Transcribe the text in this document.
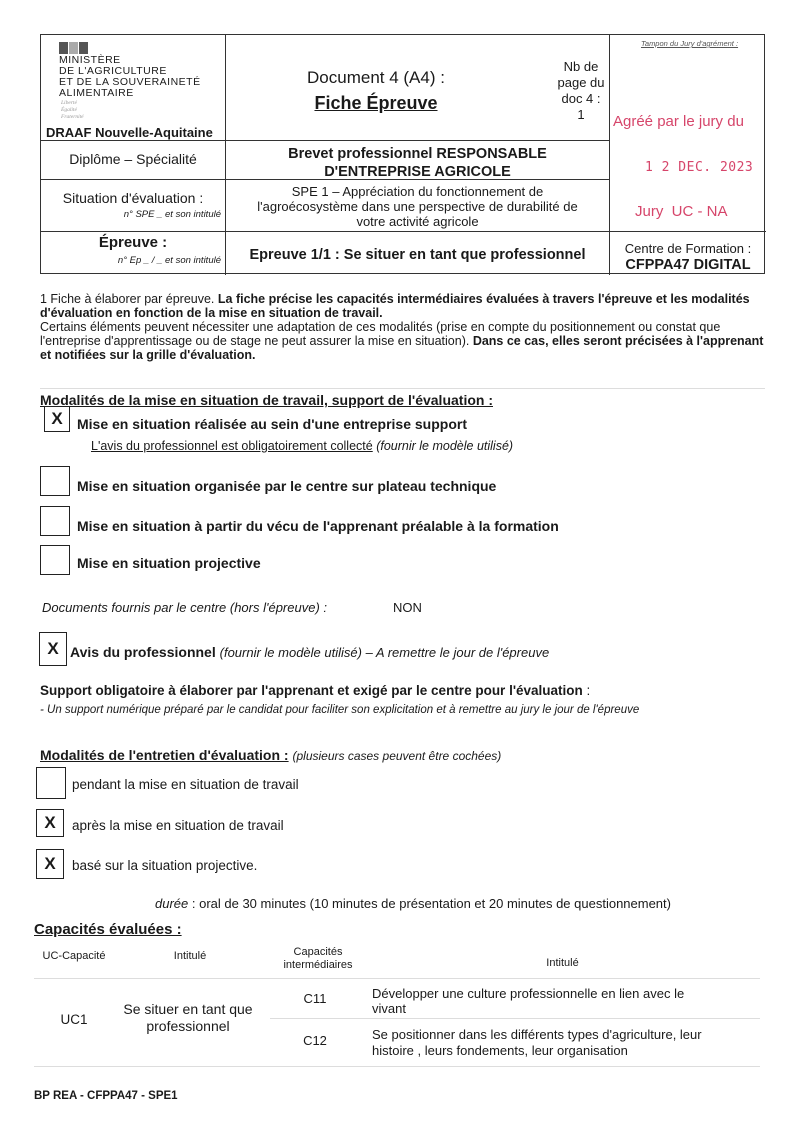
MINISTÈRE
DE L'AGRICULTURE
ET DE LA SOUVERAINETÉ
ALIMENTAIRE
Liberté
Égalité
Fraternité
DRAAF Nouvelle-Aquitaine
Document 4 (A4) :
Fiche Épreuve
Nb de
page du
doc 4 :
1
Tampon du Jury d'agrément :
Agréé par le jury du
1 2 DEC. 2023
Jury  UC - NA
Diplôme – Spécialité	Brevet professionnel RESPONSABLE
D'ENTREPRISE AGRICOLE
Situation d'évaluation :
n° SPE _ et son intitulé
SPE 1 – Appréciation du fonctionnement de
l'agroécosystème dans une perspective de durabilité de
votre activité agricole
Épreuve :
n° Ep _ / _ et son intitulé	Epreuve 1/1 : Se situer en tant que professionnel	Centre de Formation :
CFPPA47 DIGITAL
1 Fiche à élaborer par épreuve. La fiche précise les capacités intermédiaires évaluées à travers l'épreuve et les modalités d'évaluation en fonction de la mise en situation de travail.
Certains éléments peuvent nécessiter une adaptation de ces modalités (prise en compte du positionnement ou constat que l'entreprise d'apprentissage ou de stage ne peut assurer la mise en situation). Dans ce cas, elles seront précisées à l'apprenant et notifiées sur la grille d'évaluation.
Modalités de la mise en situation de travail, support de l'évaluation :
X	Mise en situation réalisée au sein d'une entreprise support
L'avis du professionnel est obligatoirement collecté (fournir le modèle utilisé)
Mise en situation organisée par le centre sur plateau technique
Mise en situation à partir du vécu de l'apprenant préalable à la formation
Mise en situation projective
Documents fournis par le centre (hors l'épreuve) :	NON
X Avis du professionnel (fournir le modèle utilisé) – A remettre le jour de l'épreuve
Support obligatoire à élaborer par l'apprenant et exigé par le centre pour l'évaluation :
- Un support numérique préparé par le candidat pour faciliter son explicitation et à remettre au jury le jour de l'épreuve
Modalités de l'entretien d'évaluation : (plusieurs cases peuvent être cochées)
pendant la mise en situation de travail
X	après la mise en situation de travail
X	basé sur la situation projective.
durée : oral de 30 minutes (10 minutes de présentation et 20 minutes de questionnement)
Capacités évaluées :
UC-Capacité	Intitulé	Capacités
intermédiaires	Intitulé
UC1
Se situer en tant que
professionnel
C11	Développer une culture professionnelle en lien avec le
vivant
C12	Se positionner dans les différents types d'agriculture, leur
histoire , leurs fondements, leur organisation
BP REA - CFPPA47 - SPE1
